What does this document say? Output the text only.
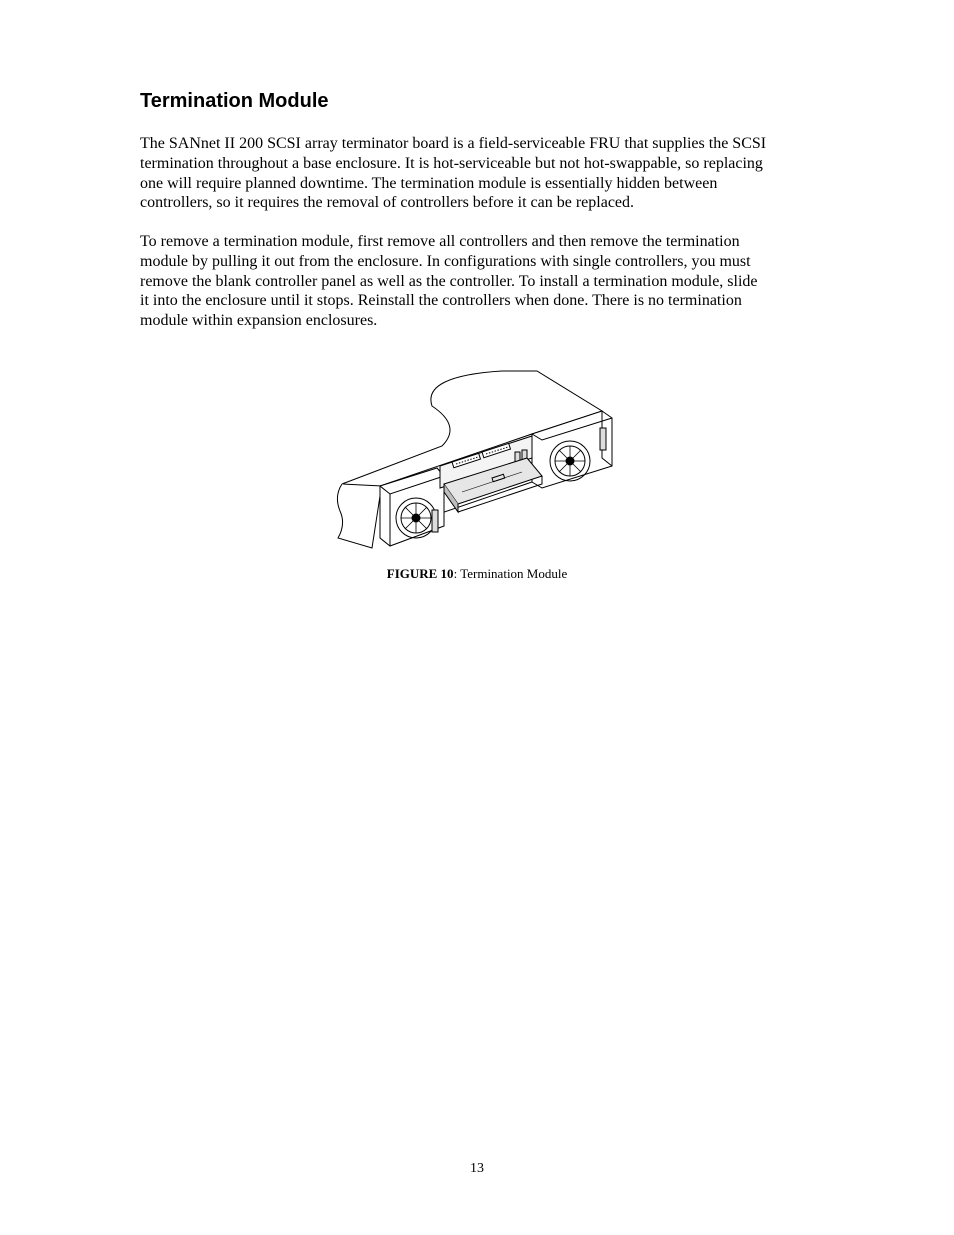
Termination Module

The SANnet II 200 SCSI array terminator board is a field-serviceable FRU that supplies the SCSI
termination throughout a base enclosure. It is hot-serviceable but not hot-swappable, so replacing
one will require planned downtime. The termination module is essentially hidden between
controllers, so it requires the removal of controllers before it can be replaced.

To remove a termination module, first remove all controllers and then remove the termination
module by pulling it out from the enclosure. In configurations with single controllers, you must
remove the blank controller panel as well as the controller. To install a termination module, slide
it into the enclosure until it stops. Reinstall the controllers when done. There is no termination
module within expansion enclosures.

FIGURE 10: Termination Module
13
